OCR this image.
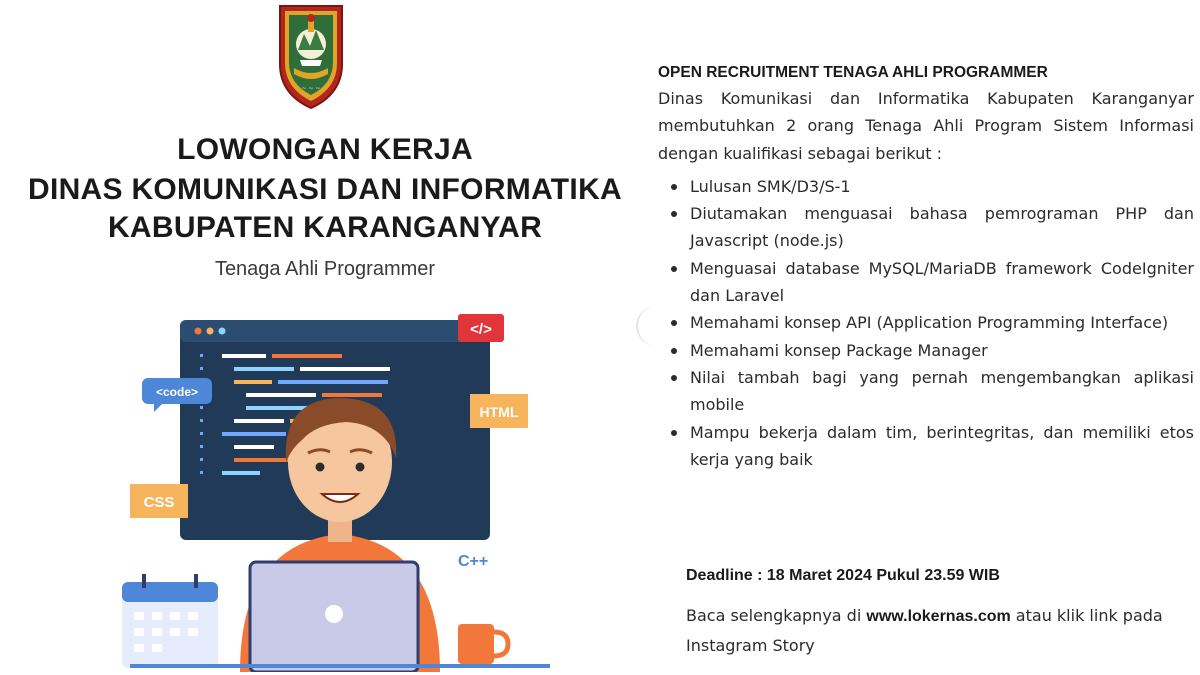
~ ~ ~
LOWONGAN KERJA
DINAS KOMUNIKASI DAN INFORMATIKA
KABUPATEN KARANGANYAR
Tenaga Ahli Programmer
</>
<code>
HTML
CSS
C++
OPEN RECRUITMENT TENAGA AHLI PROGRAMMER
Dinas Komunikasi dan Informatika Kabupaten Karanganyar membutuhkan 2 orang Tenaga Ahli Program Sistem Informasi dengan kualifikasi sebagai berikut :
Lulusan SMK/D3/S-1
Diutamakan menguasai bahasa pemrograman PHP dan Javascript (node.js)
Menguasai database MySQL/MariaDB framework CodeIgniter dan Laravel
Memahami konsep API (Application Programming Interface)
Memahami konsep Package Manager
Nilai tambah bagi yang pernah mengembangkan aplikasi mobile
Mampu bekerja dalam tim, berintegritas, dan memiliki etos kerja yang baik
Deadline : 18 Maret 2024 Pukul 23.59 WIB
Baca selengkapnya di www.lokernas.com atau klik link pada Instagram Story
